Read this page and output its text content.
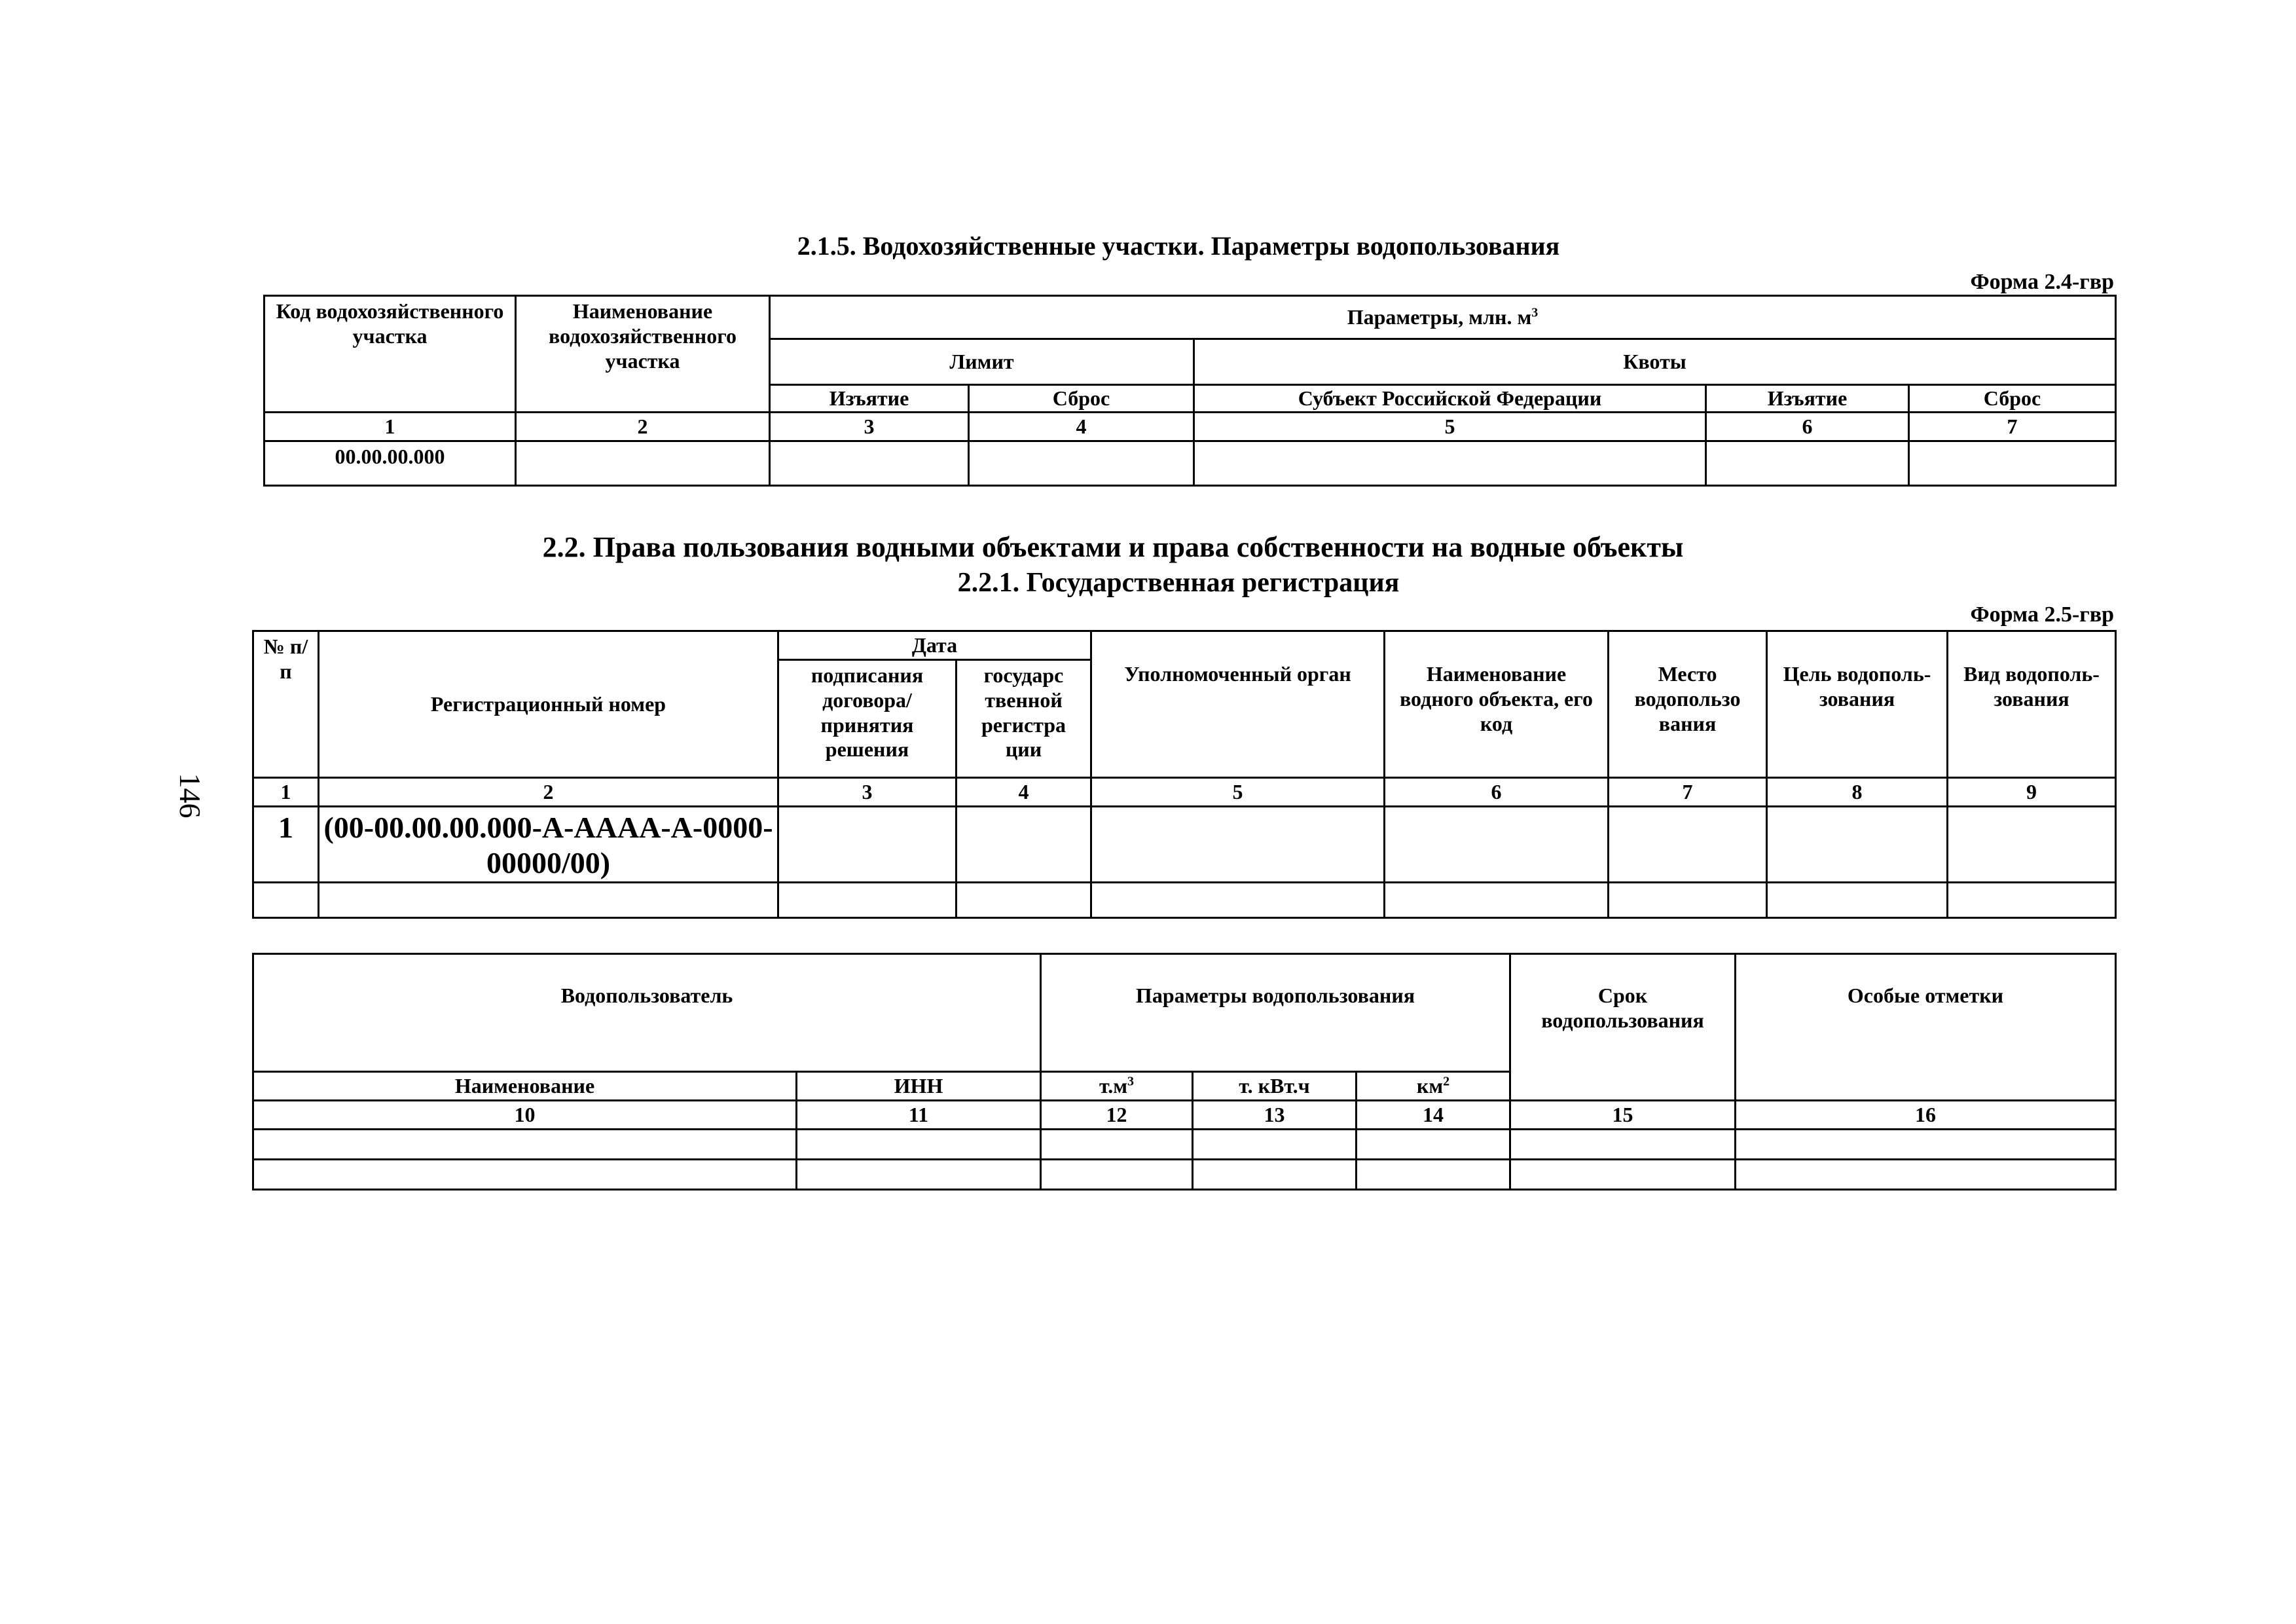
146
2.1.5. Водохозяйственные участки. Параметры водопользования
Форма 2.4-гвр
Код водохозяйственного участка	Наименование водохозяйственного участка	Параметры, млн. $м^3$
		Лимит		Квоты		
		Изъятие	Сброс	Субъект Российской Федерации	Изъятие	Сброс
1	2	3	4	5	6	7
00.00.00.000						
2.2. Права пользования водными объектами и права собственности на водные объекты
2.2.1. Государственная регистрация
Форма 2.5-гвр
№ п/п	Регистрационный номер	Дата		Уполномоченный орган	Наименование водного объекта, его код	Место водопользо вания	Цель водополь-зования	Вид водополь-зования
		подписания договора/ принятия решения	государс твенной регистра ции					
1	2	3	4	5	6	7	8	9
1	(00-00.00.00.000-А-АААА-А-0000-00000/00)							

Водопользователь		Параметры водопользования			Срок водопользования	Особые отметки
Наименование	ИНН	$т.м^3$	т. кВт.ч	$км^2$
10	11	12	13	14	15	16
